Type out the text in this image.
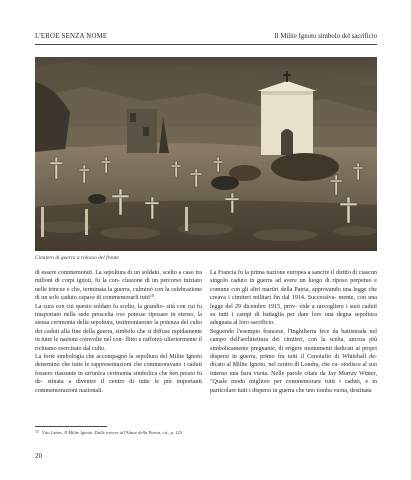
L'EROE SENZA NOME	Il Milite Ignoto simbolo del sacrificio
Cimitero di guerra a ridosso del fronte

di essere commemorati. La sepoltura di un soldato, scelto a caso tra milioni di corpi ignoti, fu la con- clusione di un percorso iniziato nelle trincee e che, terminata la guerra, culminò con la celebrazione di un solo caduto capace di commemorarli tutti$^{10}$.

La cura con cui questo soldato fu scelto, la grandio- sità con cui fu trasportato nella sede prescelta ove potesse riposare in eterno, la stessa cerimonia della sepoltura, testimoniarono la potenza del culto dei caduti alla fine della guerra, simbolo che si diffuse rapidamente in tutte le nazioni coinvolte nel con- flitto e rafforzò ulteriormente il richiamo esercitato dal culto.

La forte simbologia che accompagnò la sepoltura del Milite Ignoto determinò che tutte le rappresentazioni che commeoravano i caduti fossero riassunte in un'unica cerimonia simbolica che ben presto fu de- stinata a divenire il centro di tutte le più importanti commemorazioni nazionali.

La Francia fu la prima nazione europea a sancire il diritto di ciascun singolo caduto in guerra ad avere un luogo di riposo perpetuo e comune con gli altri martiri della Patria, approvando una legge che creava i cimiteri militari fin dal 1914. Successiva- mente, con una legge del 29 dicembre 1915, prov- vide a raccogliere i suoi caduti su tutti i campi di battaglia per dare loro una degna sepoltura adeguata al loro sacrificio.

Seguendo l'esempio francese, l'Inghilterra fece da battistrada nel campo dell'architettura dei cimiteri, con la scelta, ancora più simbolicamente pregnante, di erigere monumenti dedicati ai propri dispersi in guerra, primo fra tutti il Cenotafio di Whitehall de- dicato al Milite Ignoto, nel centro di Londra, che cu- stodisce al suo interno una bara vuota. Nelle parole citate da Jay Murray Winter, "Quale modo migliore per commemorare tutti i caduti, e in particolare tutti i dispersi in guerra che uno tomba vuota, destinata

$^{10}$ Vito Lattes, Il Milite Ignoto. Dalle trincee all'Altare della Patria, cit., p. 125.
20
